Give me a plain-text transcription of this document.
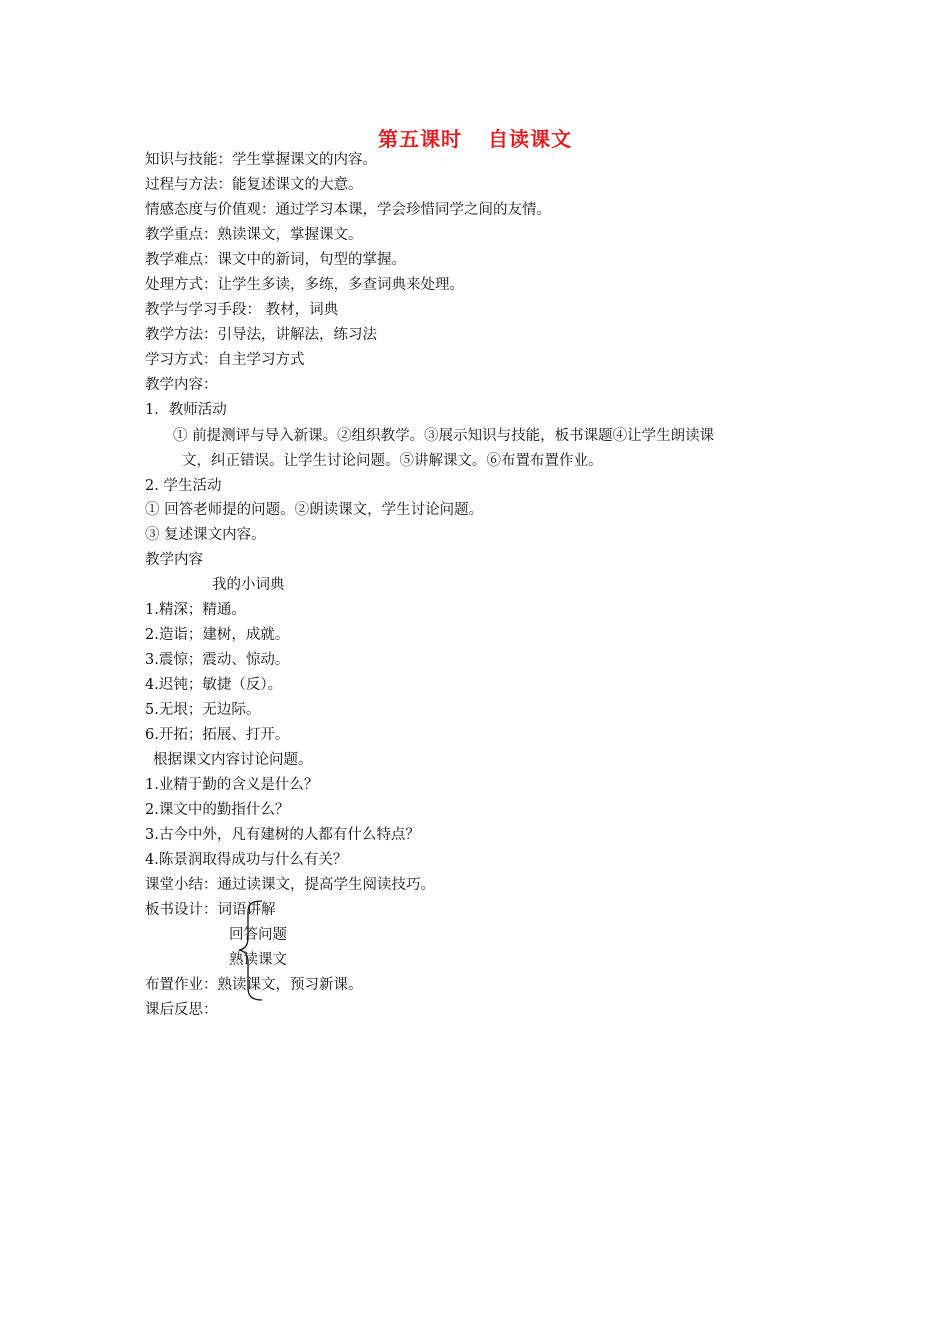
第五课时 自读课文
知识与技能：学生掌握课文的内容。
过程与方法：能复述课文的大意。
情感态度与价值观：通过学习本课，学会珍惜同学之间的友情。
教学重点：熟读课文，掌握课文。
教学难点：课文中的新词，句型的掌握。
处理方式：让学生多读，多练，多查词典来处理。
教学与学习手段： 教材，词典
教学方法：引导法，讲解法，练习法
学习方式：自主学习方式
教学内容：
1．教师活动
① 前提测评与导入新课。②组织教学。③展示知识与技能，板书课题④让学生朗读课
文，纠正错误。让学生讨论问题。⑤讲解课文。⑥布置布置作业。
2. 学生活动
① 回答老师提的问题。②朗读课文，学生讨论问题。
③ 复述课文内容。
教学内容
我的小词典
1.精深；精通。
2.造诣；建树，成就。
3.震惊；震动、惊动。
4.迟钝；敏捷（反）。
5.无垠；无边际。
6.开拓；拓展、打开。
根据课文内容讨论问题。
1.业精于勤的含义是什么？
2.课文中的勤指什么？
3.古今中外，凡有建树的人都有什么特点？
4.陈景润取得成功与什么有关？
课堂小结：通过读课文，提高学生阅读技巧。
板书设计：词语讲解
回答问题
熟读课文
布置作业：熟读课文，预习新课。
课后反思：
